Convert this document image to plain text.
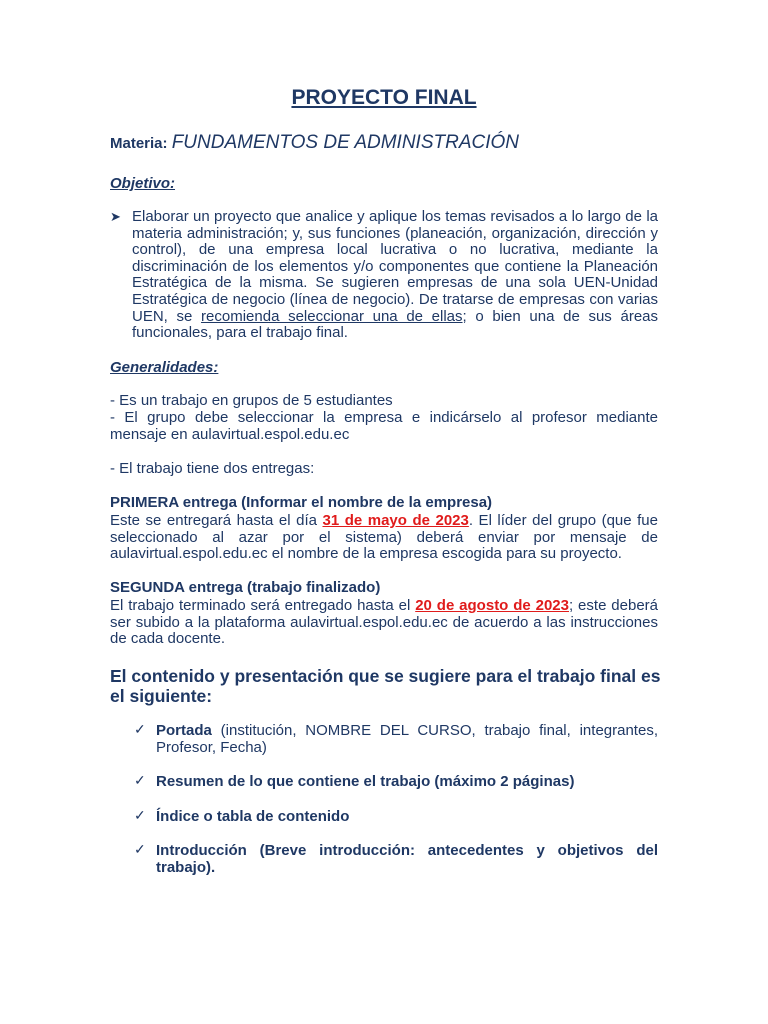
PROYECTO FINAL
Materia: FUNDAMENTOS DE ADMINISTRACIÓN
Objetivo:
➤ Elaborar un proyecto que analice y aplique los temas revisados a lo largo de la materia administración; y, sus funciones (planeación, organización, dirección y control), de una empresa local lucrativa o no lucrativa, mediante la discriminación de los elementos y/o componentes que contiene la Planeación Estratégica de la misma. Se sugieren empresas de una sola UEN-Unidad Estratégica de negocio (línea de negocio). De tratarse de empresas con varias UEN, se recomienda seleccionar una de ellas; o bien una de sus áreas funcionales, para el trabajo final.
Generalidades:
- Es un trabajo en grupos de 5 estudiantes
- El grupo debe seleccionar la empresa e indicárselo al profesor mediante mensaje en aulavirtual.espol.edu.ec
- El trabajo tiene dos entregas:
PRIMERA entrega (Informar el nombre de la empresa)
Este se entregará hasta el día 31 de mayo de 2023. El líder del grupo (que fue seleccionado al azar por el sistema) deberá enviar por mensaje de aulavirtual.espol.edu.ec el nombre de la empresa escogida para su proyecto.
SEGUNDA entrega (trabajo finalizado)
El trabajo terminado será entregado hasta el 20 de agosto de 2023; este deberá ser subido a la plataforma aulavirtual.espol.edu.ec de acuerdo a las instrucciones de cada docente.
El contenido y presentación que se sugiere para el trabajo final es el siguiente:
✓ Portada (institución, NOMBRE DEL CURSO, trabajo final, integrantes, Profesor, Fecha)
✓ Resumen de lo que contiene el trabajo (máximo 2 páginas)
✓ Índice o tabla de contenido
✓ Introducción (Breve introducción: antecedentes y objetivos del trabajo).
